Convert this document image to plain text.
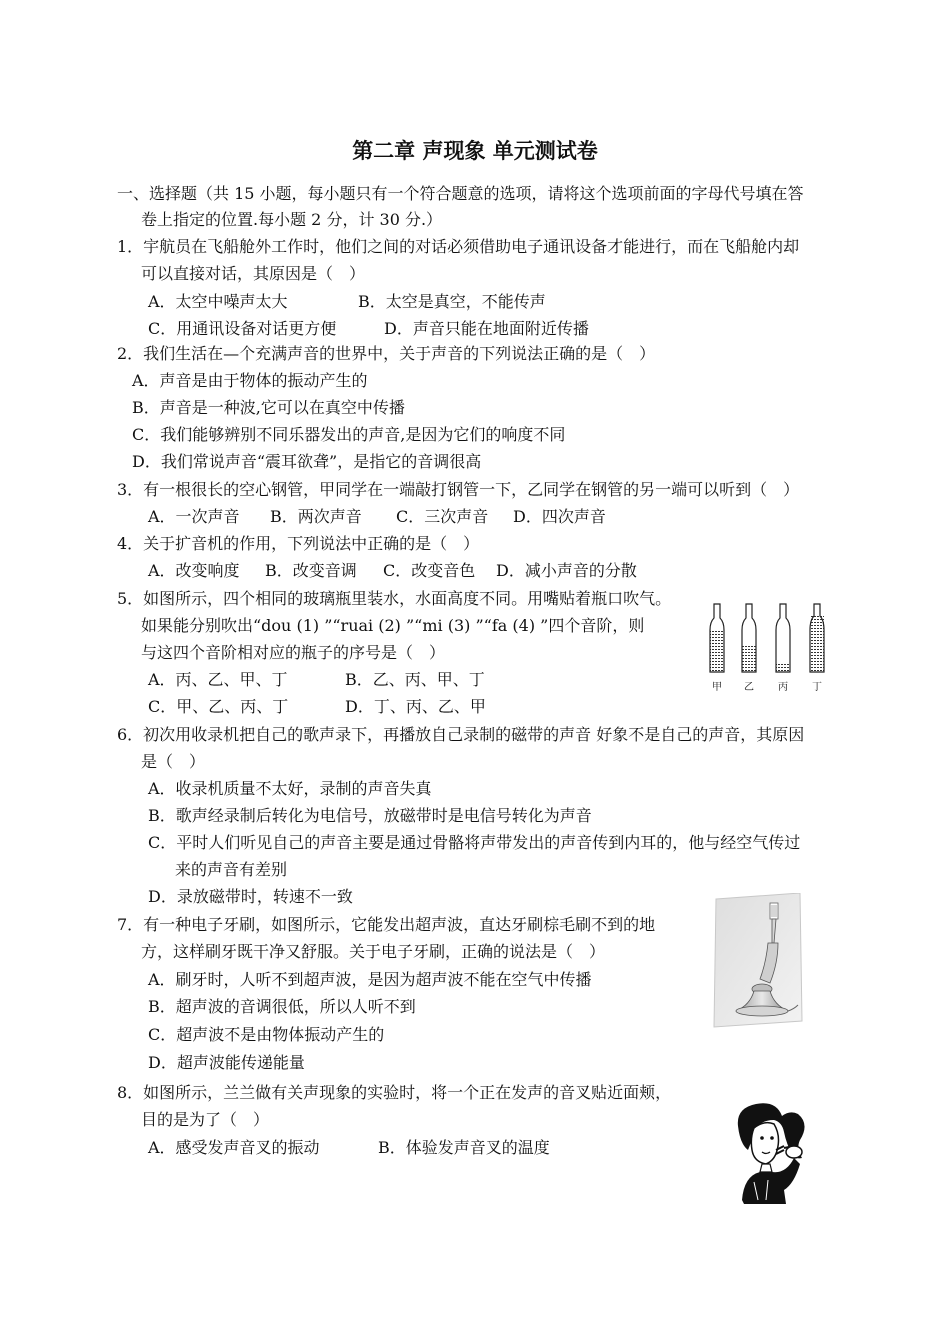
第二章 声现象 单元测试卷
一、选择题（共 15 小题，每小题只有一个符合题意的选项，请将这个选项前面的字母代号填在答
卷上指定的位置.每小题 2 分，计 30 分.）
1．宇航员在飞船舱外工作时，他们之间的对话必须借助电子通讯设备才能进行，而在飞船舱内却
可以直接对话，其原因是（　）
A．太空中噪声太大	B．太空是真空，不能传声
C．用通讯设备对话更方便	D．声音只能在地面附近传播
2．我们生活在—个充满声音的世界中，关于声音的下列说法正确的是（　）
A．声音是由于物体的振动产生的
B．声音是一种波,它可以在真空中传播
C．我们能够辨别不同乐器发出的声音,是因为它们的响度不同
D．我们常说声音“震耳欲聋”，是指它的音调很高
3．有一根很长的空心钢管，甲同学在一端敲打钢管一下，乙同学在钢管的另一端可以听到（　）
A．一次声音 B．两次声音 C．三次声音 D．四次声音
4．关于扩音机的作用，下列说法中正确的是（　）
A．改变响度 B．改变音调 C．改变音色 D．减小声音的分散
5．如图所示，四个相同的玻璃瓶里装水，水面高度不同。用嘴贴着瓶口吹气。
如果能分别吹出“dou (1) ”“ruai (2) ”“mi (3) ”“fa (4) ”四个音阶，则
与这四个音阶相对应的瓶子的序号是（　）
A．丙、乙、甲、丁	B．乙、丙、甲、丁
C．甲、乙、丙、丁	D．丁、丙、乙、甲
甲 乙 丙 丁
6．初次用收录机把自己的歌声录下，再播放自己录制的磁带的声音 好象不是自己的声音，其原因
是（　）
A．收录机质量不太好，录制的声音失真
B．歌声经录制后转化为电信号，放磁带时是电信号转化为声音
C．平时人们听见自己的声音主要是通过骨骼将声带发出的声音传到内耳的，他与经空气传过
来的声音有差别
D．录放磁带时，转速不一致
7．有一种电子牙刷，如图所示，它能发出超声波，直达牙刷棕毛刷不到的地
方，这样刷牙既干净又舒服。关于电子牙刷，正确的说法是（　）
A．刷牙时，人听不到超声波，是因为超声波不能在空气中传播
B．超声波的音调很低，所以人听不到
C．超声波不是由物体振动产生的
D．超声波能传递能量
8．如图所示，兰兰做有关声现象的实验时，将一个正在发声的音叉贴近面颊，
目的是为了（　）
A．感受发声音叉的振动	B．体验发声音叉的温度
